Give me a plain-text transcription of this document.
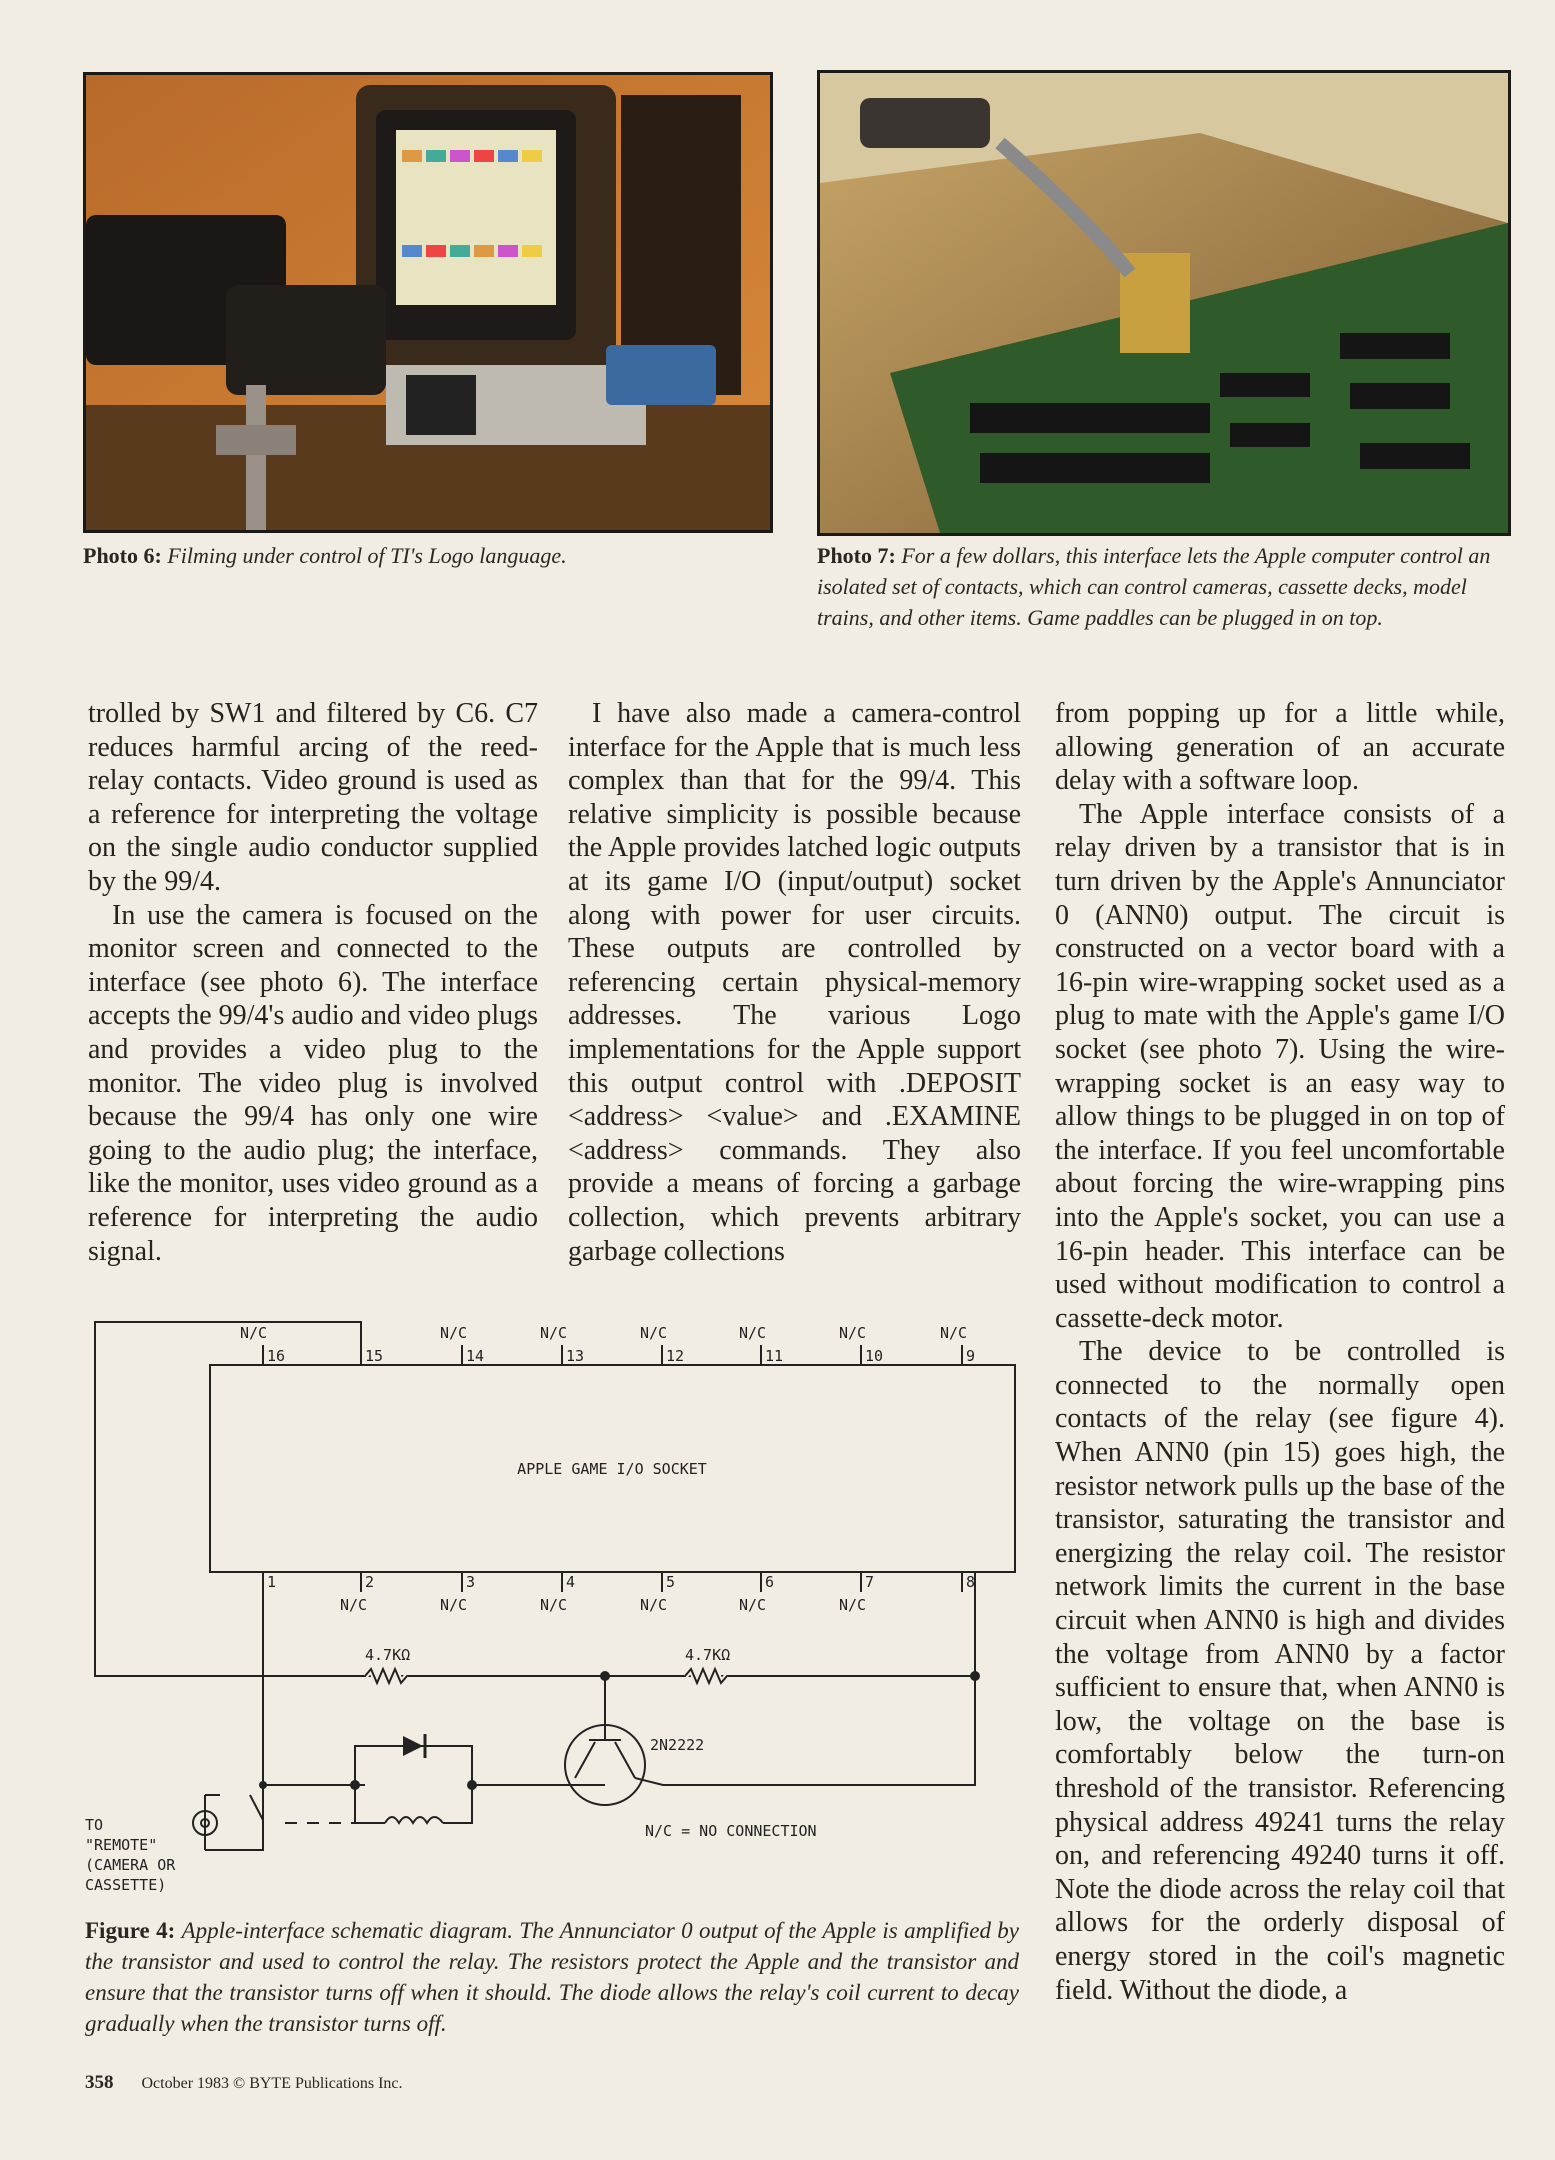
Photo 6: Filming under control of TI's Logo language.	Photo 7: For a few dollars, this interface lets the Apple computer control an isolated set of contacts, which can control cameras, cassette decks, model trains, and other items. Game paddles can be plugged in on top.

trolled by SW1 and filtered by C6. C7 reduces harmful arcing of the reed-relay contacts. Video ground is used as a reference for interpreting the voltage on the single audio conductor supplied by the 99/4.

In use the camera is focused on the monitor screen and connected to the interface (see photo 6). The interface accepts the 99/4's audio and video plugs and provides a video plug to the monitor. The video plug is involved because the 99/4 has only one wire going to the audio plug; the interface, like the monitor, uses video ground as a reference for interpreting the audio signal.

I have also made a camera-control interface for the Apple that is much less complex than that for the 99/4. This relative simplicity is possible because the Apple provides latched logic outputs at its game I/O (input/output) socket along with power for user circuits. These outputs are controlled by referencing certain physical-memory addresses. The various Logo implementations for the Apple support this output control with .DEPOSIT <address> <value> and .EXAMINE <address> commands. They also provide a means of forcing a garbage collection, which prevents arbitrary garbage collections

from popping up for a little while, allowing generation of an accurate delay with a software loop.

The Apple interface consists of a relay driven by a transistor that is in turn driven by the Apple's Annunciator 0 (ANN0) output. The circuit is constructed on a vector board with a 16-pin wire-wrapping socket used as a plug to mate with the Apple's game I/O socket (see photo 7). Using the wire-wrapping socket is an easy way to allow things to be plugged in on top of the interface. If you feel uncomfortable about forcing the wire-wrapping pins into the Apple's socket, you can use a 16-pin header. This interface can be used without modification to control a cassette-deck motor.

The device to be controlled is connected to the normally open contacts of the relay (see figure 4). When ANN0 (pin 15) goes high, the resistor network pulls up the base of the transistor, saturating the transistor and energizing the relay coil. The resistor network limits the current in the base circuit when ANN0 is high and divides the voltage from ANN0 by a factor sufficient to ensure that, when ANN0 is low, the voltage on the base is comfortably below the turn-on threshold of the transistor. Referencing physical address 49241 turns the relay on, and referencing 49240 turns it off. Note the diode across the relay coil that allows for the orderly disposal of energy stored in the coil's magnetic field. Without the diode, a

N/C
16	15
N/C
14
N/C
13
N/C
12
N/C
11
N/C
10
N/C
9
APPLE GAME I/O SOCKET
1	2
N/C
3
N/C
4
N/C
5
N/C
6
N/C
7
N/C
8
4.7KΩ	4.7KΩ
2N2222
N/C = NO CONNECTION
TO
"REMOTE"
(CAMERA OR
CASSETTE)
Figure 4: Apple-interface schematic diagram. The Annunciator 0 output of the Apple is amplified by the transistor and used to control the relay. The resistors protect the Apple and the transistor and ensure that the transistor turns off when it should. The diode allows the relay's coil current to decay gradually when the transistor turns off.
358 October 1983 © BYTE Publications Inc.
